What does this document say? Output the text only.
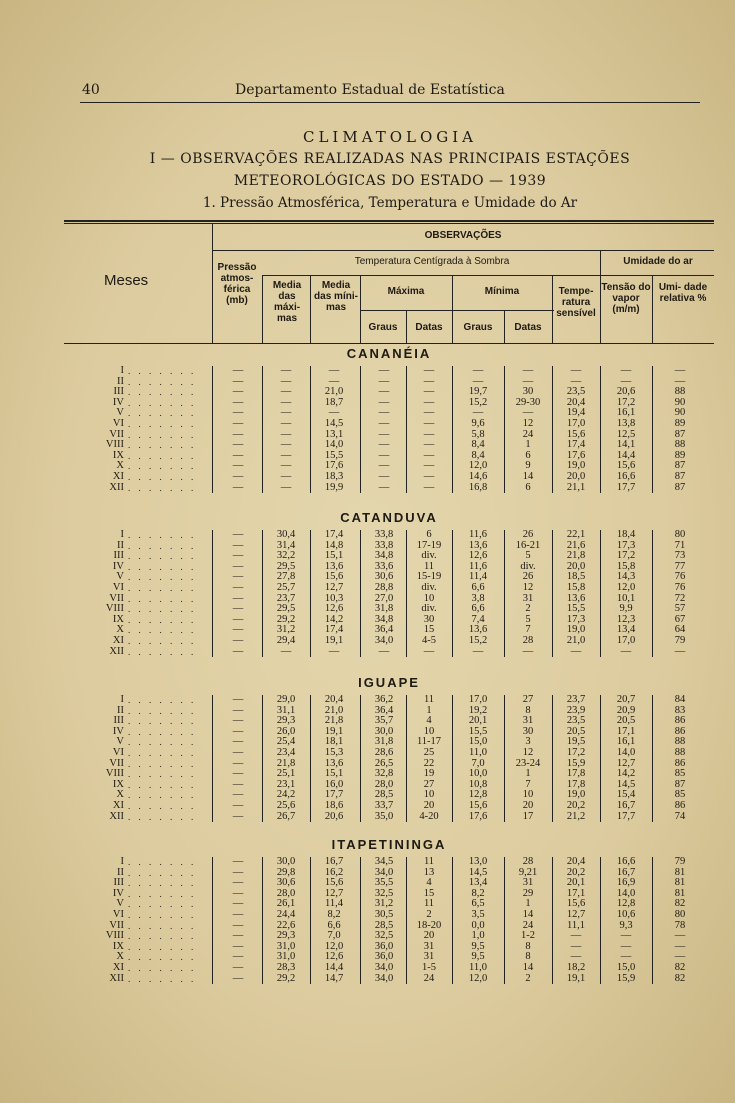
40	Departamento Estadual de Estatística
CLIMATOLOGIA
I — OBSERVAÇÕES REALIZADAS NAS PRINCIPAIS ESTAÇÕES
METEOROLÓGICAS DO ESTADO — 1939
1. Pressão Atmosférica, Temperatura e Umidade do Ar
Meses
OBSERVAÇÕES
Pressão atmos- férica (mb)
Temperatura Centígrada à Sombra	Umidade do ar
Media das máxi- mas
Media das míni- mas
Máxima	Mínima	Tempe- ratura sensível
Tensão do vapor (m/m)
Umi- dade relativa %
Graus	Datas	Graus	Datas
CANANÉIA
I . . . . . . .	—	—	—	—	—	—	—	—	—	—
II . . . . . . .	—	—	—	—	—	—	—	—	—	—
III . . . . . . .	—	—	21,0	—	—	19,7	30	23,5	20,6	88
IV . . . . . . .	—	—	18,7	—	—	15,2	29-30	20,4	17,2	90
V . . . . . . .	—	—	—	—	—	—	—	19,4	16,1	90
VI . . . . . . .	—	—	14,5	—	—	9,6	12	17,0	13,8	89
VII . . . . . . .	—	—	13,1	—	—	5,8	24	15,6	12,5	87
VIII . . . . . . .	—	—	14,0	—	—	8,4	1	17,4	14,1	88
IX . . . . . . .	—	—	15,5	—	—	8,4	6	17,6	14,4	89
X . . . . . . .	—	—	17,6	—	—	12,0	9	19,0	15,6	87
XI . . . . . . .	—	—	18,3	—	—	14,6	14	20,0	16,6	87
XII . . . . . . .	—	—	19,9	—	—	16,8	6	21,1	17,7	87
CATANDUVA
I . . . . . . .	—	30,4	17,4	33,8	6	11,6	26	22,1	18,4	80
II . . . . . . .	—	31,4	14,8	33,8	17-19	13,6	16-21	21,6	17,3	71
III . . . . . . .	—	32,2	15,1	34,8	div.	12,6	5	21,8	17,2	73
IV . . . . . . .	—	29,5	13,6	33,6	11	11,6	div.	20,0	15,8	77
V . . . . . . .	—	27,8	15,6	30,6	15-19	11,4	26	18,5	14,3	76
VI . . . . . . .	—	25,7	12,7	28,8	div.	6,6	12	15,8	12,0	76
VII . . . . . . .	—	23,7	10,3	27,0	10	3,8	31	13,6	10,1	72
VIII . . . . . . .	—	29,5	12,6	31,8	div.	6,6	2	15,5	9,9	57
IX . . . . . . .	—	29,2	14,2	34,8	30	7,4	5	17,3	12,3	67
X . . . . . . .	—	31,2	17,4	36,4	15	13,6	7	19,0	13,4	64
XI . . . . . . .	—	29,4	19,1	34,0	4-5	15,2	28	21,0	17,0	79
XII . . . . . . .	—	—	—	—	—	—	—	—	—	—
IGUAPE
I . . . . . . .	—	29,0	20,4	36,2	11	17,0	27	23,7	20,7	84
II . . . . . . .	—	31,1	21,0	36,4	1	19,2	8	23,9	20,9	83
III . . . . . . .	—	29,3	21,8	35,7	4	20,1	31	23,5	20,5	86
IV . . . . . . .	—	26,0	19,1	30,0	10	15,5	30	20,5	17,1	86
V . . . . . . .	—	25,4	18,1	31,8	11-17	15,0	3	19,5	16,1	88
VI . . . . . . .	—	23,4	15,3	28,6	25	11,0	12	17,2	14,0	88
VII . . . . . . .	—	21,8	13,6	26,5	22	7,0	23-24	15,9	12,7	86
VIII . . . . . . .	—	25,1	15,1	32,8	19	10,0	1	17,8	14,2	85
IX . . . . . . .	—	23,1	16,0	28,0	27	10,8	7	17,8	14,5	87
X . . . . . . .	—	24,2	17,7	28,5	10	12,8	10	19,0	15,4	85
XI . . . . . . .	—	25,6	18,6	33,7	20	15,6	20	20,2	16,7	86
XII . . . . . . .	—	26,7	20,6	35,0	4-20	17,6	17	21,2	17,7	74
ITAPETININGA
I . . . . . . .	—	30,0	16,7	34,5	11	13,0	28	20,4	16,6	79
II . . . . . . .	—	29,8	16,2	34,0	13	14,5	9,21	20,2	16,7	81
III . . . . . . .	—	30,6	15,6	35,5	4	13,4	31	20,1	16,9	81
IV . . . . . . .	—	28,0	12,7	32,5	15	8,2	29	17,1	14,0	81
V . . . . . . .	—	26,1	11,4	31,2	11	6,5	1	15,6	12,8	82
VI . . . . . . .	—	24,4	8,2	30,5	2	3,5	14	12,7	10,6	80
VII . . . . . . .	—	22,6	6,6	28,5	18-20	0,0	24	11,1	9,3	78
VIII . . . . . . .	—	29,3	7,0	32,5	20	1,0	1-2	—	—	—
IX . . . . . . .	—	31,0	12,0	36,0	31	9,5	8	—	—	—
X . . . . . . .	—	31,0	12,6	36,0	31	9,5	8	—	—	—
XI . . . . . . .	—	28,3	14,4	34,0	1-5	11,0	14	18,2	15,0	82
XII . . . . . . .	—	29,2	14,7	34,0	24	12,0	2	19,1	15,9	82
